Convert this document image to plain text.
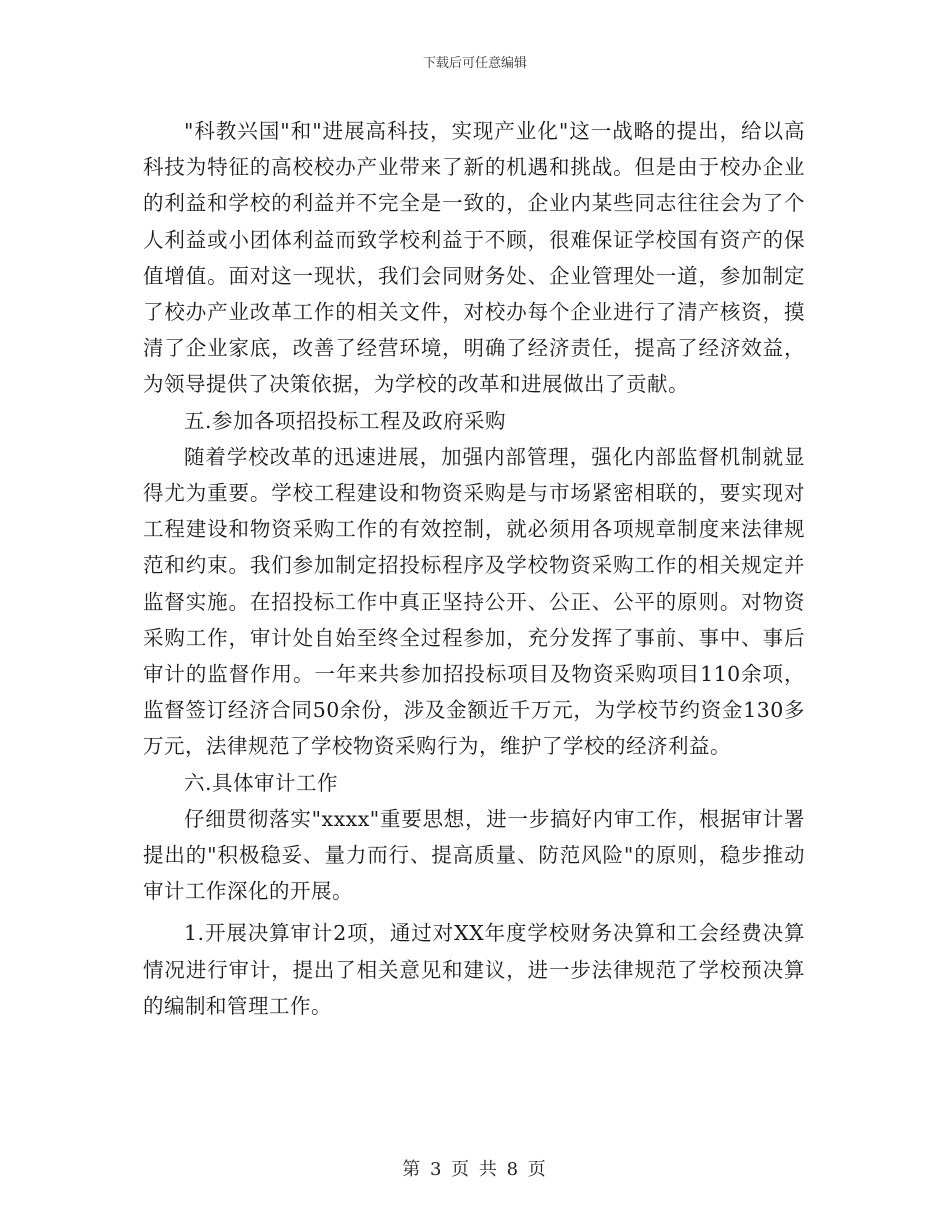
下载后可任意编辑

"科教兴国"和"进展高科技，实现产业化"这一战略的提出，给以高科技为特征的高校校办产业带来了新的机遇和挑战。但是由于校办企业的利益和学校的利益并不完全是一致的，企业内某些同志往往会为了个人利益或小团体利益而致学校利益于不顾，很难保证学校国有资产的保值增值。面对这一现状，我们会同财务处、企业管理处一道，参加制定了校办产业改革工作的相关文件，对校办每个企业进行了清产核资，摸清了企业家底，改善了经营环境，明确了经济责任，提高了经济效益，为领导提供了决策依据，为学校的改革和进展做出了贡献。

五.参加各项招投标工程及政府采购

随着学校改革的迅速进展，加强内部管理，强化内部监督机制就显得尤为重要。学校工程建设和物资采购是与市场紧密相联的，要实现对工程建设和物资采购工作的有效控制，就必须用各项规章制度来法律规范和约束。我们参加制定招投标程序及学校物资采购工作的相关规定并监督实施。在招投标工作中真正坚持公开、公正、公平的原则。对物资采购工作，审计处自始至终全过程参加，充分发挥了事前、事中、事后审计的监督作用。一年来共参加招投标项目及物资采购项目110余项，监督签订经济合同50余份，涉及金额近千万元，为学校节约资金130多万元，法律规范了学校物资采购行为，维护了学校的经济利益。

六.具体审计工作

仔细贯彻落实"xxxx"重要思想，进一步搞好内审工作，根据审计署提出的"积极稳妥、量力而行、提高质量、防范风险"的原则，稳步推动审计工作深化的开展。

1.开展决算审计2项，通过对XX年度学校财务决算和工会经费决算情况进行审计，提出了相关意见和建议，进一步法律规范了学校预决算的编制和管理工作。

第 3 页 共 8 页
